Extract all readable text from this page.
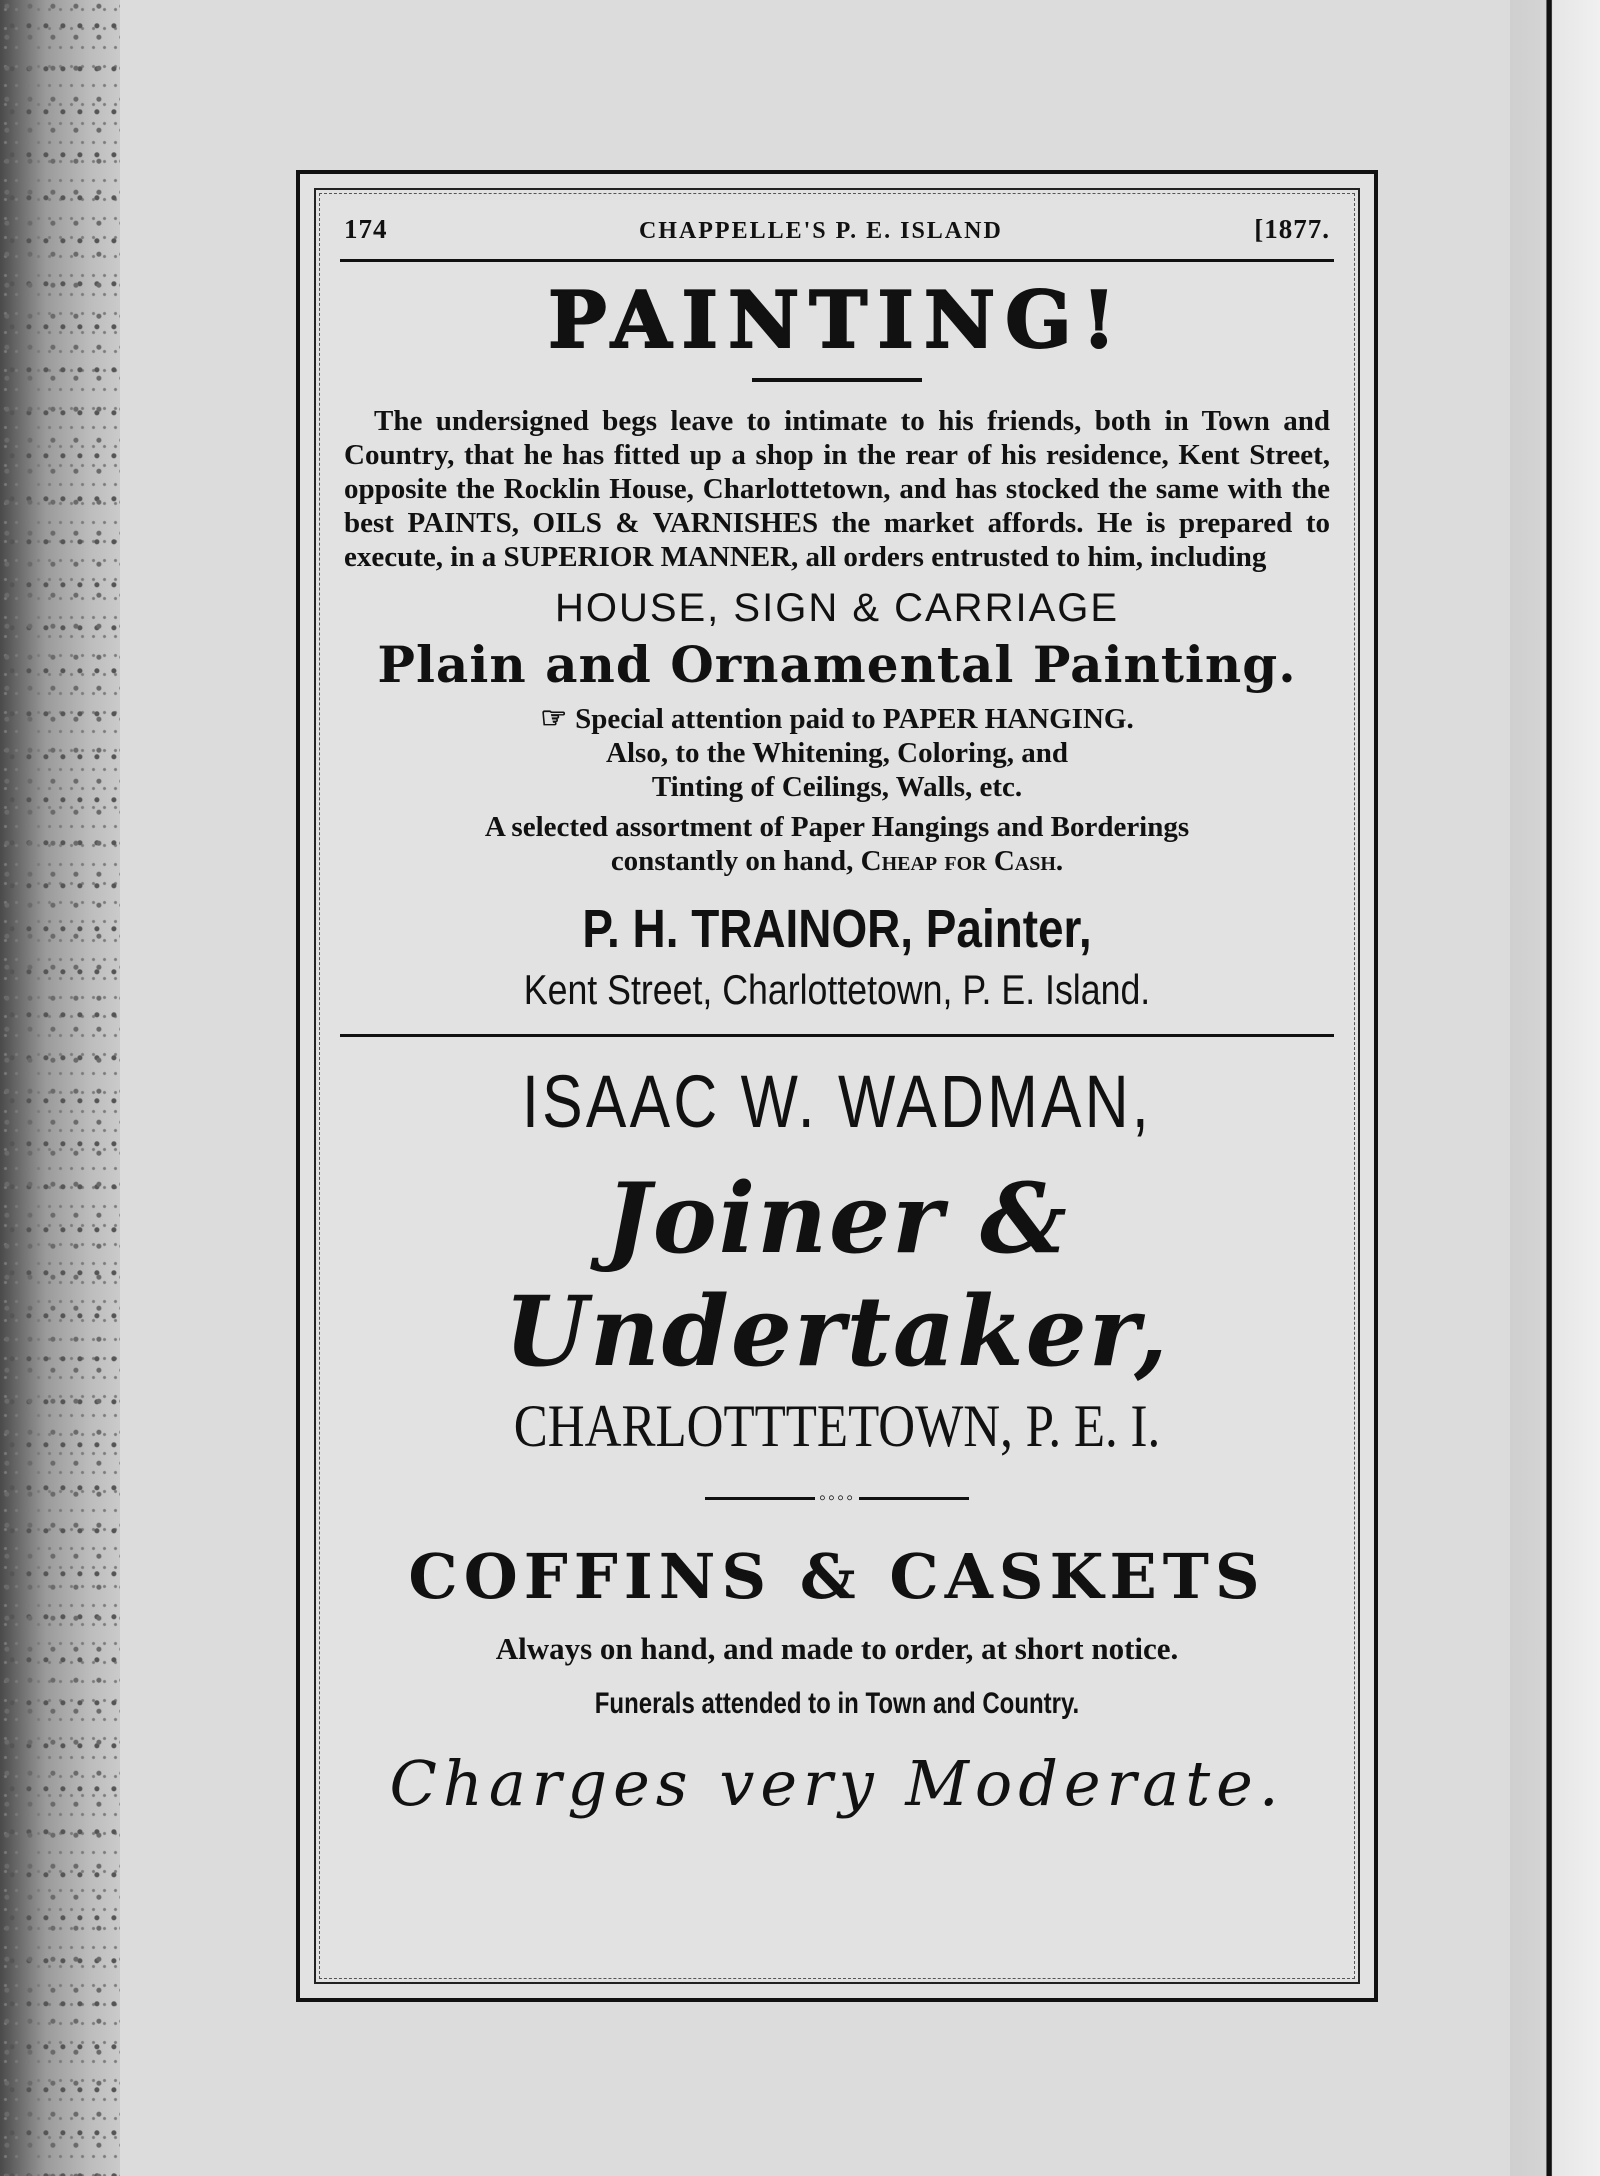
174	CHAPPELLE'S P. E. ISLAND	[1877.
PAINTING!
The undersigned begs leave to intimate to his friends, both in Town and Country, that he has fitted up a shop in the rear of his residence, Kent Street, opposite the Rocklin House, Charlottetown, and has stocked the same with the best PAINTS, OILS & VARNISHES the market affords. He is prepared to execute, in a SUPERIOR MANNER, all orders entrusted to him, including
HOUSE, SIGN & CARRIAGE
Plain and Ornamental Painting.
☞ Special attention paid to PAPER HANGING.
Also, to the Whitening, Coloring, and
Tinting of Ceilings, Walls, etc.
A selected assortment of Paper Hangings and Borderings
constantly on hand, Cheap for Cash.
P. H. TRAINOR, Painter,
Kent Street, Charlottetown, P. E. Island.
ISAAC W. WADMAN,
Joiner & Undertaker,
CHARLOTTTETOWN, P. E. I.
◦◦◦◦
COFFINS & CASKETS
Always on hand, and made to order, at short notice.
Funerals attended to in Town and Country.
Charges very Moderate.
